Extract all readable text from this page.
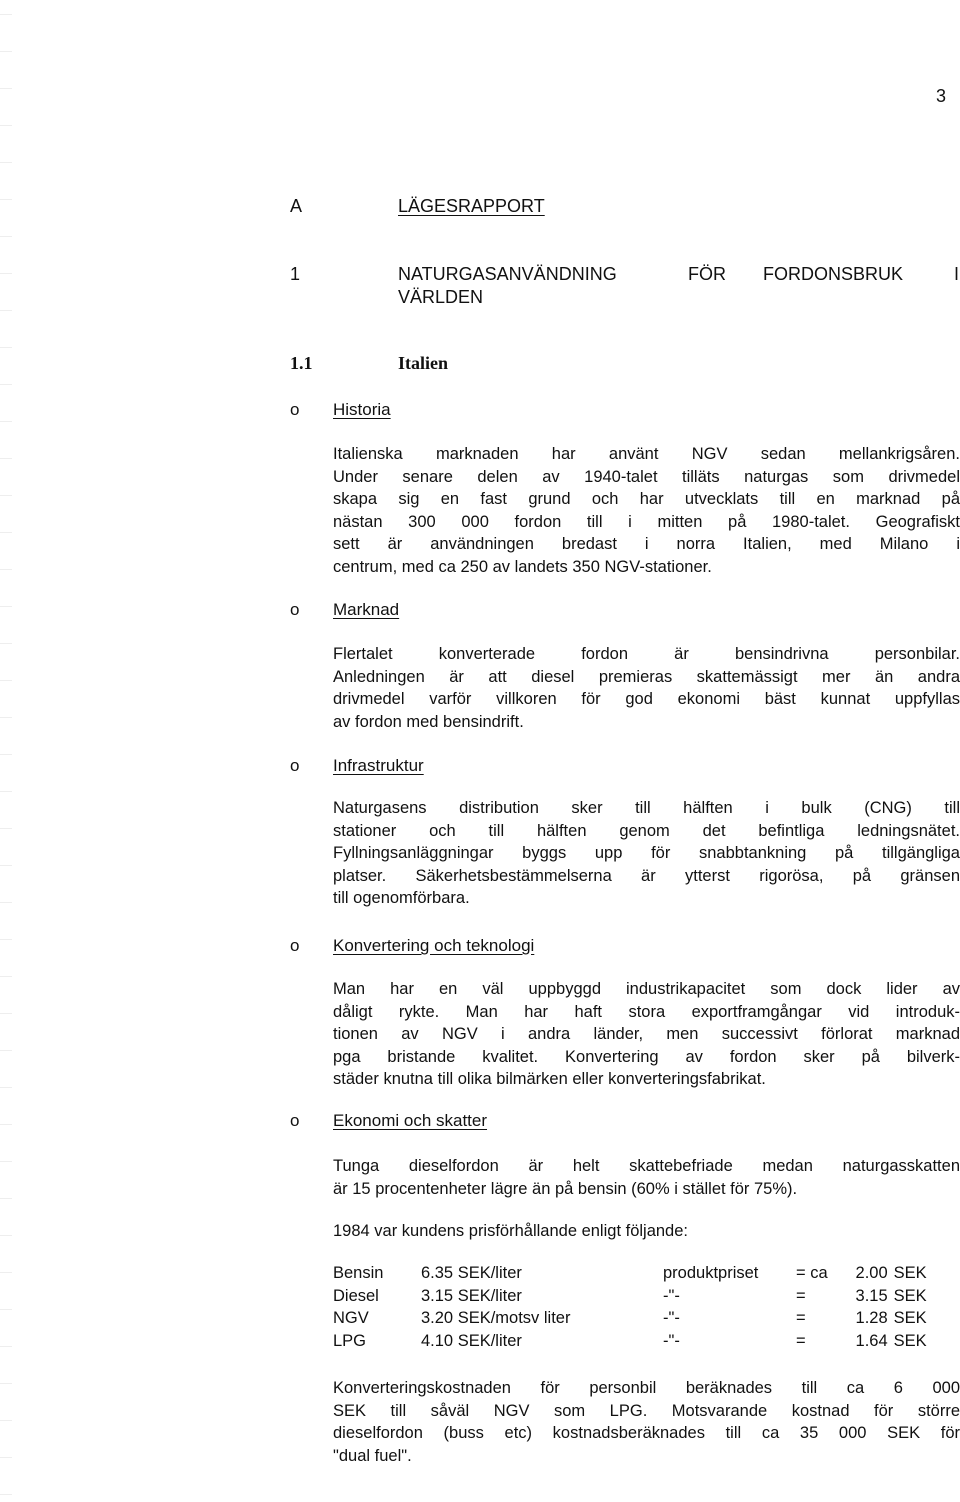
3

A	LÄGESRAPPORT

1	NATURGASANVÄNDNING	FÖR FORDONSBRUK	I

VÄRLDEN

1.1	Italien

o Historia

Italienska marknaden har använt NGV sedan mellankrigsåren.
Under senare delen av 1940-talet tilläts naturgas som drivmedel
skapa sig en fast grund och har utvecklats till en marknad på
nästan 300 000 fordon till i mitten på 1980-talet. Geografiskt
sett är användningen bredast i norra Italien, med Milano i
centrum, med ca 250 av landets 350 NGV-stationer.

o Marknad

Flertalet konverterade fordon är bensindrivna personbilar.
Anledningen är att diesel premieras skattemässigt mer än andra
drivmedel varför villkoren för god ekonomi bäst kunnat uppfyllas
av fordon med bensindrift.

o Infrastruktur

Naturgasens distribution sker till hälften i bulk (CNG) till
stationer och till hälften genom det befintliga ledningsnätet.
Fyllningsanläggningar byggs upp för snabbtankning på tillgängliga
platser. Säkerhetsbestämmelserna är ytterst rigorösa, på gränsen
till ogenomförbara.

o Konvertering och teknologi

Man har en väl uppbyggd industrikapacitet som dock lider av
dåligt rykte. Man har haft stora exportframgångar vid introduk-
tionen av NGV i andra länder, men successivt förlorat marknad
pga bristande kvalitet. Konvertering av fordon sker på bilverk-
städer knutna till olika bilmärken eller konverteringsfabrikat.

o Ekonomi och skatter

Tunga dieselfordon är helt skattebefriade medan naturgasskatten
är 15 procentenheter lägre än på bensin (60% i stället för 75%).

1984 var kundens prisförhållande enligt följande:

Bensin	6.35 SEK/liter	produktpriset	= ca	2.00	SEK
Diesel	3.15 SEK/liter	-"-	=	3.15	SEK
NGV	3.20 SEK/motsv liter	-"-	=	1.28	SEK
LPG	4.10 SEK/liter	-"-	=	1.64	SEK
Konverteringskostnaden för personbil beräknades till ca 6 000
SEK till såväl NGV som LPG. Motsvarande kostnad för större
dieselfordon (buss etc) kostnadsberäknades till ca 35 000 SEK för
"dual fuel".
